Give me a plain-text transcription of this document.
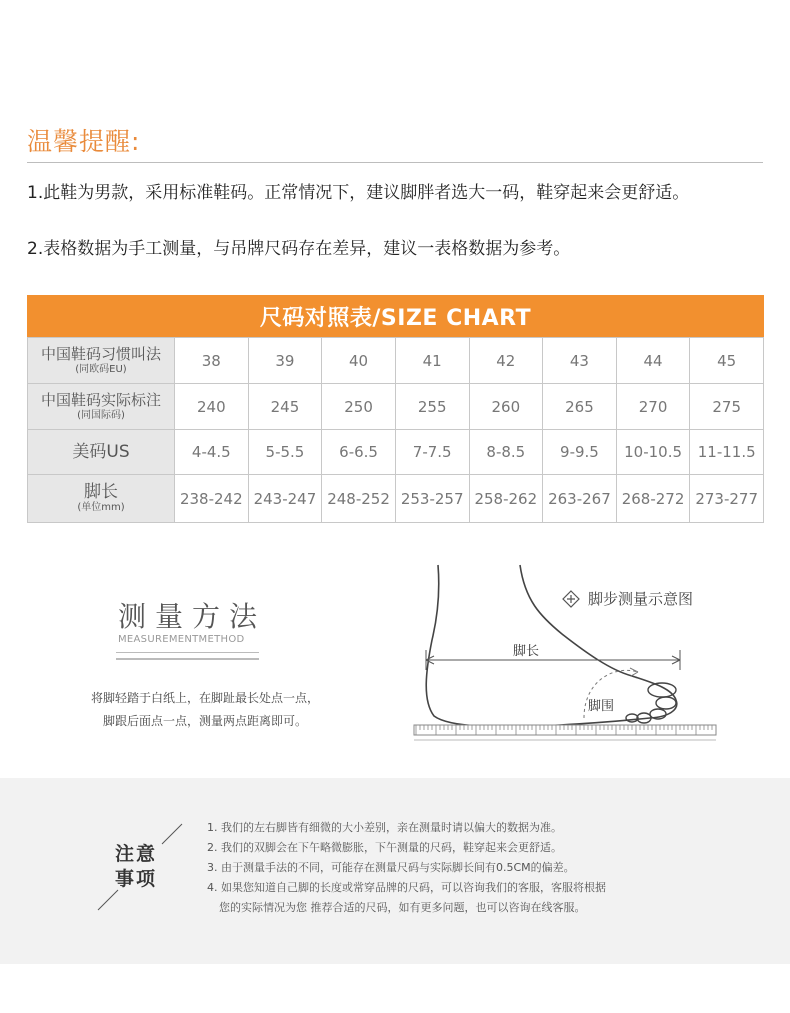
温馨提醒:
1.此鞋为男款，采用标准鞋码。正常情况下，建议脚胖者选大一码，鞋穿起来会更舒适。
2.表格数据为手工测量，与吊牌尺码存在差异，建议一表格数据为参考。
尺码对照表/SIZE CHART
中国鞋码习惯叫法
(同欧码EU)	38	39	40	41	42	43	44	45

中国鞋码实际标注
(同国际码)	240	245	250	255	260	265	270	275

美码US	4-4.5	5-5.5	6-6.5	7-7.5	8-8.5	9-9.5	10-10.5	11-11.5

脚长
(单位mm)	238-242	243-247	248-252	253-257	258-262	263-267	268-272	273-277
测量方法
MEASUREMENTMETHOD
将脚轻踏于白纸上，在脚趾最长处点一点，
脚跟后面点一点，测量两点距离即可。
脚步测量示意图
脚长
脚围
注意
事项
1. 我们的左右脚皆有细微的大小差别，亲在测量时请以偏大的数据为准。
2. 我们的双脚会在下午略微膨胀，下午测量的尺码，鞋穿起来会更舒适。
3. 由于测量手法的不同，可能存在测量尺码与实际脚长间有0.5CM的偏差。
4. 如果您知道自己脚的长度或常穿品牌的尺码，可以咨询我们的客服，客服将根据
您的实际情况为您 推荐合适的尺码，如有更多问题，也可以咨询在线客服。
